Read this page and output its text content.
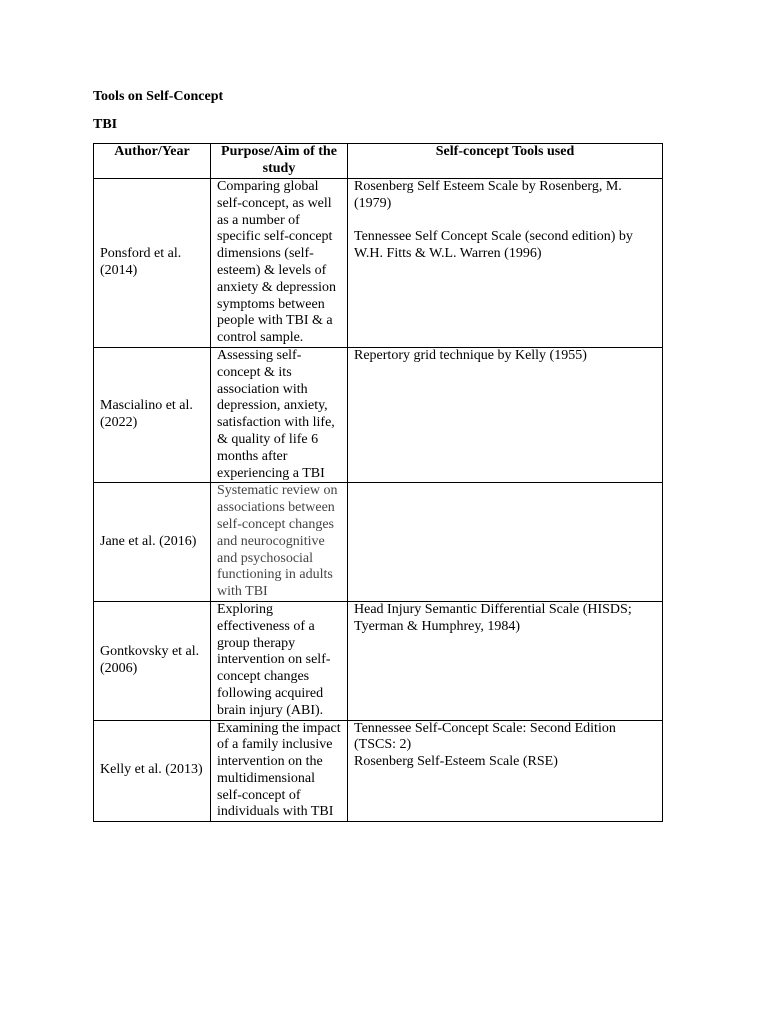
Tools on Self-Concept
TBI
Author/Year	Purpose/Aim of the study	Self-concept Tools used
Ponsford et al. (2014)	Comparing global self-concept, as well as a number of specific self-concept dimensions (self-esteem) & levels of anxiety & depression symptoms between people with TBI & a control sample.	Rosenberg Self Esteem Scale by Rosenberg, M. (1979)
Tennessee Self Concept Scale (second edition) by W.H. Fitts & W.L. Warren (1996)

Mascialino et al. (2022)	Assessing self-concept & its association with depression, anxiety, satisfaction with life, & quality of life 6 months after experiencing a TBI	Repertory grid technique by Kelly (1955)

Jane et al. (2016)	Systematic review on associations between self-concept changes and neurocognitive and psychosocial functioning in adults with TBI	
Gontkovsky et al. (2006)	Exploring effectiveness of a group therapy intervention on self-concept changes following acquired brain injury (ABI).	Head Injury Semantic Differential Scale (HISDS; Tyerman & Humphrey, 1984)

Kelly et al. (2013)	Examining the impact of a family inclusive intervention on the multidimensional self-concept of individuals with TBI	Tennessee Self-Concept Scale: Second Edition (TSCS: 2)
Rosenberg Self-Esteem Scale (RSE)
